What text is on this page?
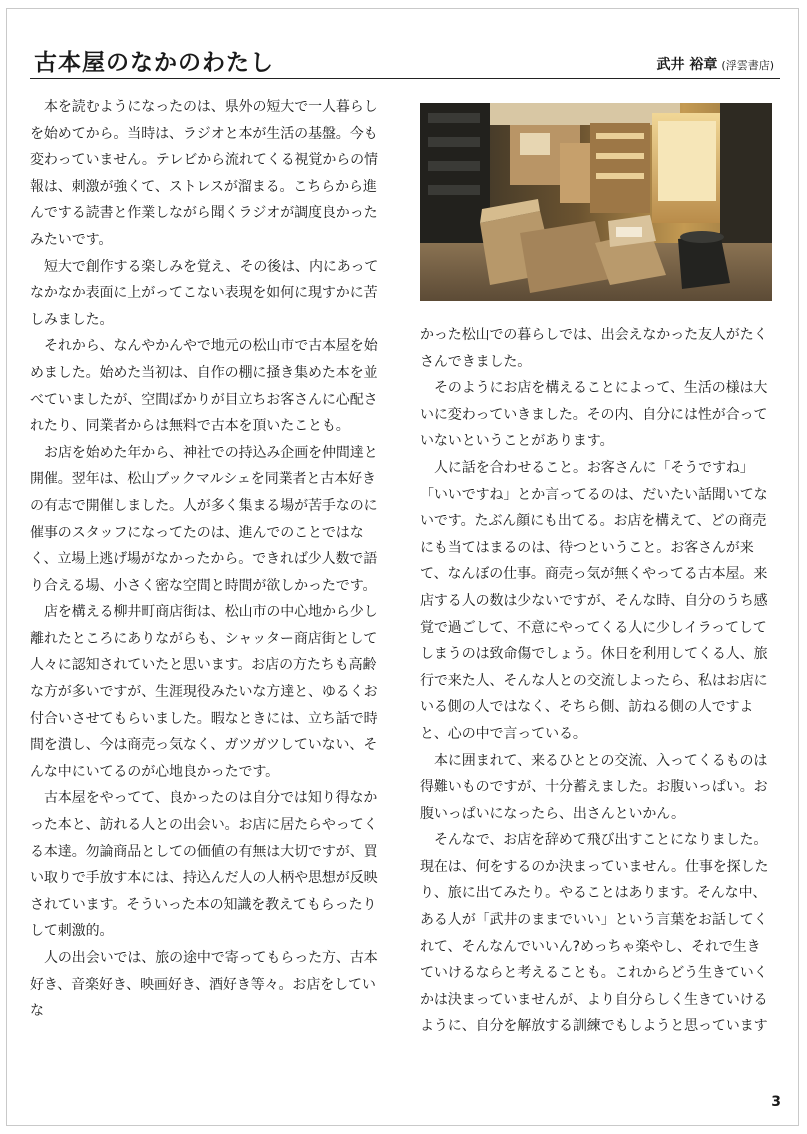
古本屋のなかのわたし	武井 裕章 (浮雲書店)

本を読むようになったのは、県外の短大で一人暮らしを始めてから。当時は、ラジオと本が生活の基盤。今も変わっていません。テレビから流れてくる視覚からの情報は、刺激が強くて、ストレスが溜まる。こちらから進んでする読書と作業しながら聞くラジオが調度良かったみたいです。

短大で創作する楽しみを覚え、その後は、内にあってなかなか表面に上がってこない表現を如何に現すかに苦しみました。

それから、なんやかんやで地元の松山市で古本屋を始めました。始めた当初は、自作の棚に掻き集めた本を並べていましたが、空間ばかりが目立ちお客さんに心配されたり、同業者からは無料で古本を頂いたことも。

お店を始めた年から、神社での持込み企画を仲間達と開催。翌年は、松山ブックマルシェを同業者と古本好きの有志で開催しました。人が多く集まる場が苦手なのに催事のスタッフになってたのは、進んでのことではなく、立場上逃げ場がなかったから。できれば少人数で語り合える場、小さく密な空間と時間が欲しかったです。

店を構える柳井町商店街は、松山市の中心地から少し離れたところにありながらも、シャッター商店街として人々に認知されていたと思います。お店の方たちも高齢な方が多いですが、生涯現役みたいな方達と、ゆるくお付合いさせてもらいました。暇なときには、立ち話で時間を潰し、今は商売っ気なく、ガツガツしていない、そんな中にいてるのが心地良かったです。

古本屋をやってて、良かったのは自分では知り得なかった本と、訪れる人との出会い。お店に居たらやってくる本達。勿論商品としての価値の有無は大切ですが、買い取りで手放す本には、持込んだ人の人柄や思想が反映されています。そういった本の知識を教えてもらったりして刺激的。

人の出会いでは、旅の途中で寄ってもらった方、古本好き、音楽好き、映画好き、酒好き等々。お店をしていな

かった松山での暮らしでは、出会えなかった友人がたくさんできました。

そのようにお店を構えることによって、生活の様は大いに変わっていきました。その内、自分には性が合っていないということがあります。

人に話を合わせること。お客さんに「そうですね」「いいですね」とか言ってるのは、だいたい話聞いてないです。たぶん顔にも出てる。お店を構えて、どの商売にも当てはまるのは、待つということ。お客さんが来て、なんぼの仕事。商売っ気が無くやってる古本屋。来店する人の数は少ないですが、そんな時、自分のうち感覚で過ごして、不意にやってくる人に少しイラってしてしまうのは致命傷でしょう。休日を利用してくる人、旅行で来た人、そんな人との交流しよったら、私はお店にいる側の人ではなく、そちら側、訪ねる側の人ですよと、心の中で言っている。

本に囲まれて、来るひととの交流、入ってくるものは得難いものですが、十分蓄えました。お腹いっぱい。お腹いっぱいになったら、出さんといかん。

そんなで、お店を辞めて飛び出すことになりました。現在は、何をするのか決まっていません。仕事を探したり、旅に出てみたり。やることはあります。そんな中、ある人が「武井のままでいい」という言葉をお話してくれて、そんなんでいいん?めっちゃ楽やし、それで生きていけるならと考えることも。これからどう生きていくかは決まっていませんが、より自分らしく生きていけるように、自分を解放する訓練でもしようと思っています

3
